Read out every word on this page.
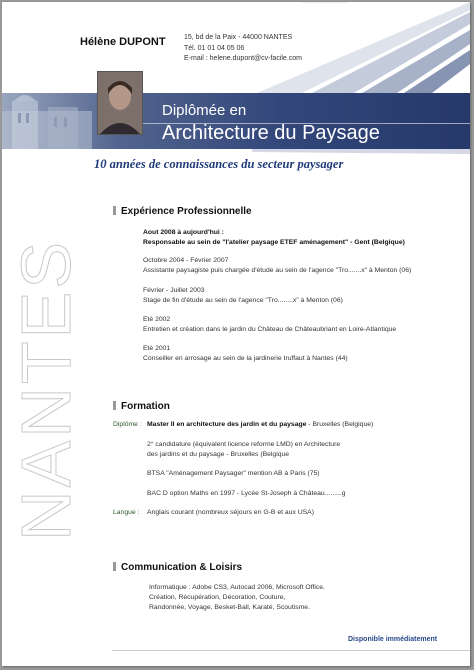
Hélène DUPONT	15, bd de la Paix - 44000 NANTES
Tél. 01 01 04 05 06
E-mail : helene.dupont@cv-facile.com
Diplômée en
Architecture du Paysage
10 années de connaissances du secteur paysager
NANTES
Expérience Professionnelle
Aout 2008 à aujourd'hui :
Responsable au sein de "l'atelier paysage ETEF aménagement" - Gent (Belgique)
Octobre 2004 - Février 2007
Assistante paysagiste puis chargée d'étude au sein de l'agence "Tro.......x" à Menton (06)
Février - Juillet 2003
Stage de fin d'étude au sein de l'agence "Tro........x" à Menton (06)
Eté 2002
Entretien et création dans le jardin du Château de Châteaubriant en Loire-Atlantique
Eté 2001
Conseiller en arrosage au sein de la jardinerie truffaut à Nantes (44)
Formation
Diplôme : Master II en architecture des jardin et du paysage - Bruxelles (Belgique)
2° candidature (équivalent licence reforme LMD) en Architecture
des jardins et du paysage - Bruxelles (Belgique
BTSA "Aménagement Paysager" mention AB à Paris (75)
BAC D option Maths en 1997 - Lycée St-Joseph à Château.........g
Langue : Anglais courant (nombreux séjours en G-B et aux USA)
Communication & Loisirs
Informatique : Adobe CS3, Autocad 2006, Microsoft Office.
Création, Récupération, Décoration, Couture,
Randonnée, Voyage, Besket-Ball, Karaté, Scoutisme.
Disponible immédiatement
